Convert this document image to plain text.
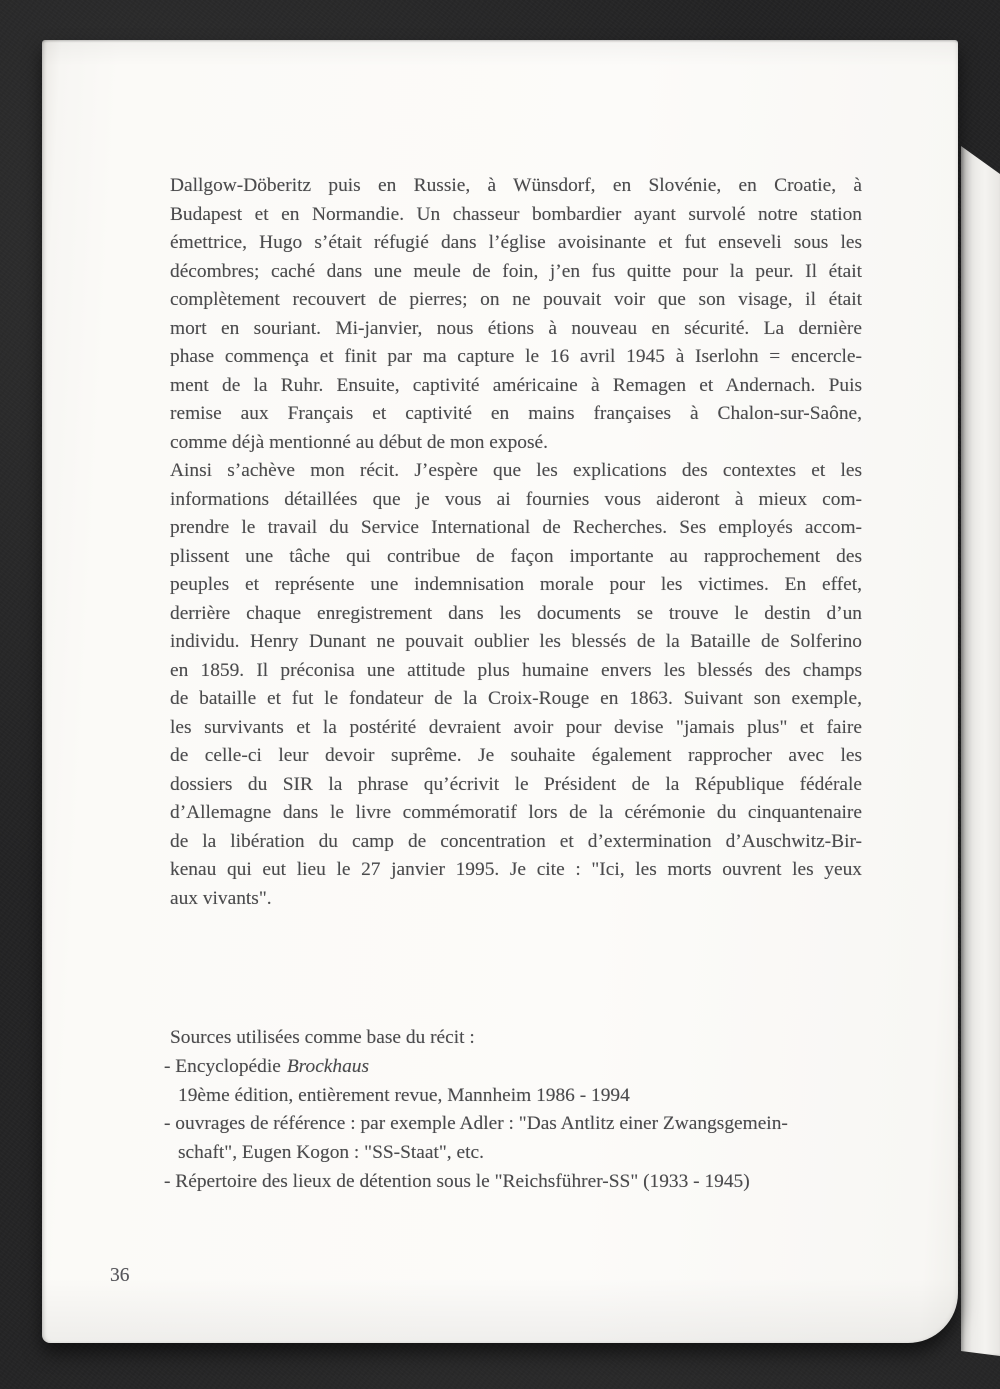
Dallgow-Döberitz puis en Russie, à Wünsdorf, en Slovénie, en Croatie, à
Budapest et en Normandie. Un chasseur bombardier ayant survolé notre station
émettrice, Hugo s’était réfugié dans l’église avoisinante et fut enseveli sous les
décombres; caché dans une meule de foin, j’en fus quitte pour la peur. Il était
complètement recouvert de pierres; on ne pouvait voir que son visage, il était
mort en souriant. Mi-janvier, nous étions à nouveau en sécurité. La dernière
phase commença et finit par ma capture le 16 avril 1945 à Iserlohn = encercle-
ment de la Ruhr. Ensuite, captivité américaine à Remagen et Andernach. Puis
remise aux Français et captivité en mains françaises à Chalon-sur-Saône,
comme déjà mentionné au début de mon exposé.
Ainsi s’achève mon récit. J’espère que les explications des contextes et les
informations détaillées que je vous ai fournies vous aideront à mieux com-
prendre le travail du Service International de Recherches. Ses employés accom-
plissent une tâche qui contribue de façon importante au rapprochement des
peuples et représente une indemnisation morale pour les victimes. En effet,
derrière chaque enregistrement dans les documents se trouve le destin d’un
individu. Henry Dunant ne pouvait oublier les blessés de la Bataille de Solferino
en 1859. Il préconisa une attitude plus humaine envers les blessés des champs
de bataille et fut le fondateur de la Croix-Rouge en 1863. Suivant son exemple,
les survivants et la postérité devraient avoir pour devise "jamais plus" et faire
de celle-ci leur devoir suprême. Je souhaite également rapprocher avec les
dossiers du SIR la phrase qu’écrivit le Président de la République fédérale
d’Allemagne dans le livre commémoratif lors de la cérémonie du cinquantenaire
de la libération du camp de concentration et d’extermination d’Auschwitz-Bir-
kenau qui eut lieu le 27 janvier 1995. Je cite : "Ici, les morts ouvrent les yeux
aux vivants".
Sources utilisées comme base du récit :
- Encyclopédie Brockhaus
19ème édition, entièrement revue, Mannheim 1986 - 1994
- ouvrages de référence : par exemple Adler : "Das Antlitz einer Zwangsgemein-
schaft", Eugen Kogon : "SS-Staat", etc.
- Répertoire des lieux de détention sous le "Reichsführer-SS" (1933 - 1945)
36
